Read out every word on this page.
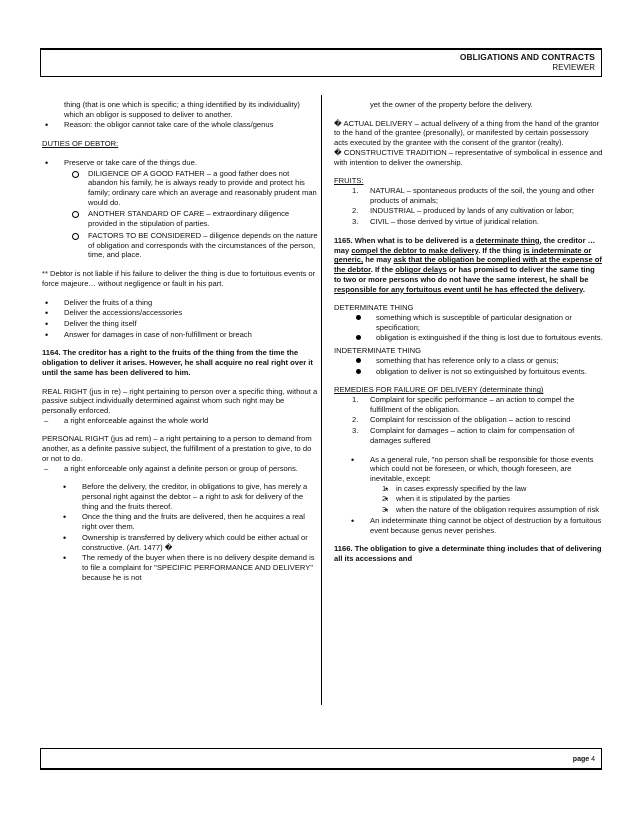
OBLIGATIONS AND CONTRACTS
REVIEWER

thing (that is one which is specific; a thing identified by its individuality) which an obligor is supposed to deliver to another.

• Reason: the obligor cannot take care of the whole class/genus

DUTIES OF DEBTOR:

• Preserve or take care of the things due.
DILIGENCE OF A GOOD FATHER – a good father does not abandon his family, he is always ready to provide and protect his family; ordinary care which an average and reasonably prudent man would do.
ANOTHER STANDARD OF CARE – extraordinary diligence provided in the stipulation of parties.
FACTORS TO BE CONSIDERED – diligence depends on the nature of obligation and corresponds with the circumstances of the person, time, and place.

** Debtor is not liable if his failure to deliver the thing is due to fortuitous events or force majeure… without negligence or fault in his part.

• Deliver the fruits of a thing
• Deliver the accessions/accessories
• Deliver the thing itself
• Answer for damages in case of non-fulfillment or breach

1164. The creditor has a right to the fruits of the thing from the time the obligation to deliver it arises. However, he shall acquire no real right over it until the same has been delivered to him.

REAL RIGHT (jus in re) – right pertaining to person over a specific thing, without a passive subject individually determined against whom such right may be personally enforced.

– a right enforceable against the whole world

PERSONAL RIGHT (jus ad rem) – a right pertaining to a person to demand from another, as a definite passive subject, the fulfillment of a prestation to give, to do or not to do.

– a right enforceable only against a definite person or group of persons.
• Before the delivery, the creditor, in obligations to give, has merely a personal right against the debtor – a right to ask for delivery of the thing and the fruits thereof.
• Once the thing and the fruits are delivered, then he acquires a real right over them.
• Ownership is transferred by delivery which could be either actual or constructive. (Art. 1477) �
• The remedy of the buyer when there is no delivery despite demand is to file a complaint for "SPECIFIC PERFORMANCE AND DELIVERY" because he is not

yet the owner of the property before the delivery.

� ACTUAL DELIVERY – actual delivery of a thing from the hand of the grantor to the hand of the grantee (presonally), or manifested by certain possessory acts executed by the grantee with the consent of the grantor (realty).

� CONSTRUCTIVE TRADITION – representative of symbolical in essence and with intention to deliver the ownership.

FRUITS:

1. NATURAL – spontaneous products of the soil, the young and other products of animals;
2. INDUSTRIAL – produced by lands of any cultivation or labor;
3. CIVIL – those derived by virtue of juridical relation.

1165. When what is to be delivered is a determinate thing, the creditor … may compel the debtor to make delivery. If the thing is indeterminate or generic, he may ask that the obligation be complied with at the expense of the debtor. If the obligor delays or has promised to deliver the same ting to two or more persons who do not have the same interest, he shall be responsible for any fortuitous event until he has effected the delivery.

DETERMINATE THING

something which is susceptible of particular designation or specification;
obligation is extinguished if the thing is lost due to fortuitous events.

INDETERMINATE THING

something that has reference only to a class or genus;
obligation to deliver is not so extinguished by fortuitous events.

REMEDIES FOR FAILURE OF DELIVERY (determinate thing)

1. Complaint for specific performance – an action to compel the fulfillment of the obligation.
2. Complaint for rescission of the obligation – action to rescind
3. Complaint for damages – action to claim for compensation of damages suffered
• As a general rule, "no person shall be responsible for those events which could not be foreseen, or which, though foreseen, are inevitable, except:
• 1. in cases expressly specified by the law
• 2. when it is stipulated by the parties
• 3. when the nature of the obligation requires assumption of risk
• An indeterminate thing cannot be object of destruction by a fortuitous event because genus never perishes.

1166. The obligation to give a determinate thing includes that of delivering all its accessions and

page 4
